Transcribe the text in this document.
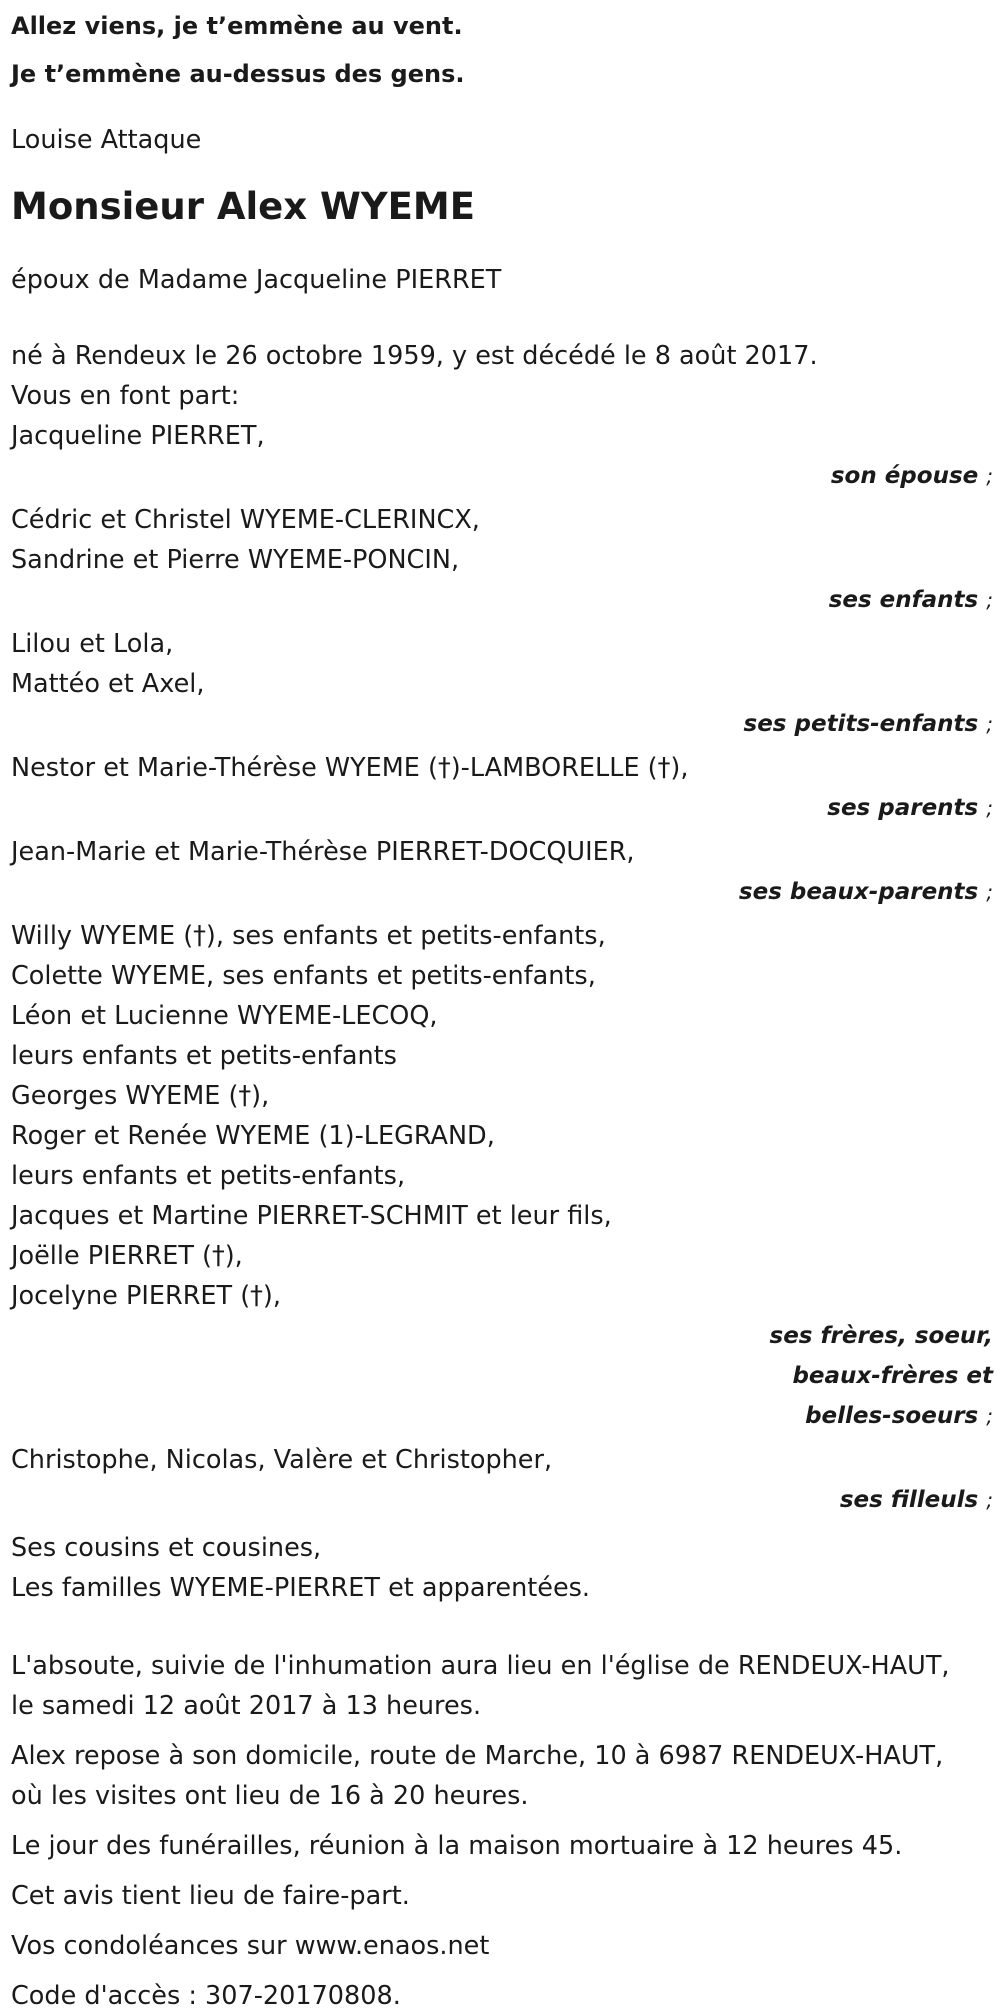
Allez viens, je t’emmène au vent.
Je t’emmène au-dessus des gens.
Louise Attaque
Monsieur Alex WYEME
époux de Madame Jacqueline PIERRET
né à Rendeux le 26 octobre 1959, y est décédé le 8 août 2017.
Vous en font part:
Jacqueline PIERRET,
son épouse ;
Cédric et Christel WYEME-CLERINCX,
Sandrine et Pierre WYEME-PONCIN,
ses enfants ;
Lilou et Lola,
Mattéo et Axel,
ses petits-enfants ;
Nestor et Marie-Thérèse WYEME (†)-LAMBORELLE (†),
ses parents ;
Jean-Marie et Marie-Thérèse PIERRET-DOCQUIER,
ses beaux-parents ;
Willy WYEME (†), ses enfants et petits-enfants,
Colette WYEME, ses enfants et petits-enfants,
Léon et Lucienne WYEME-LECOQ,
leurs enfants et petits-enfants
Georges WYEME (†),
Roger et Renée WYEME (1)-LEGRAND,
leurs enfants et petits-enfants,
Jacques et Martine PIERRET-SCHMIT et leur fils,
Joëlle PIERRET (†),
Jocelyne PIERRET (†),
ses frères, soeur,
beaux-frères et
belles-soeurs ;
Christophe, Nicolas, Valère et Christopher,
ses filleuls ;
Ses cousins et cousines,
Les familles WYEME-PIERRET et apparentées.
L'absoute, suivie de l'inhumation aura lieu en l'église de RENDEUX-HAUT,
le samedi 12 août 2017 à 13 heures.
Alex repose à son domicile, route de Marche, 10 à 6987 RENDEUX-HAUT,
où les visites ont lieu de 16 à 20 heures.
Le jour des funérailles, réunion à la maison mortuaire à 12 heures 45.
Cet avis tient lieu de faire-part.
Vos condoléances sur www.enaos.net
Code d'accès : 307-20170808.
